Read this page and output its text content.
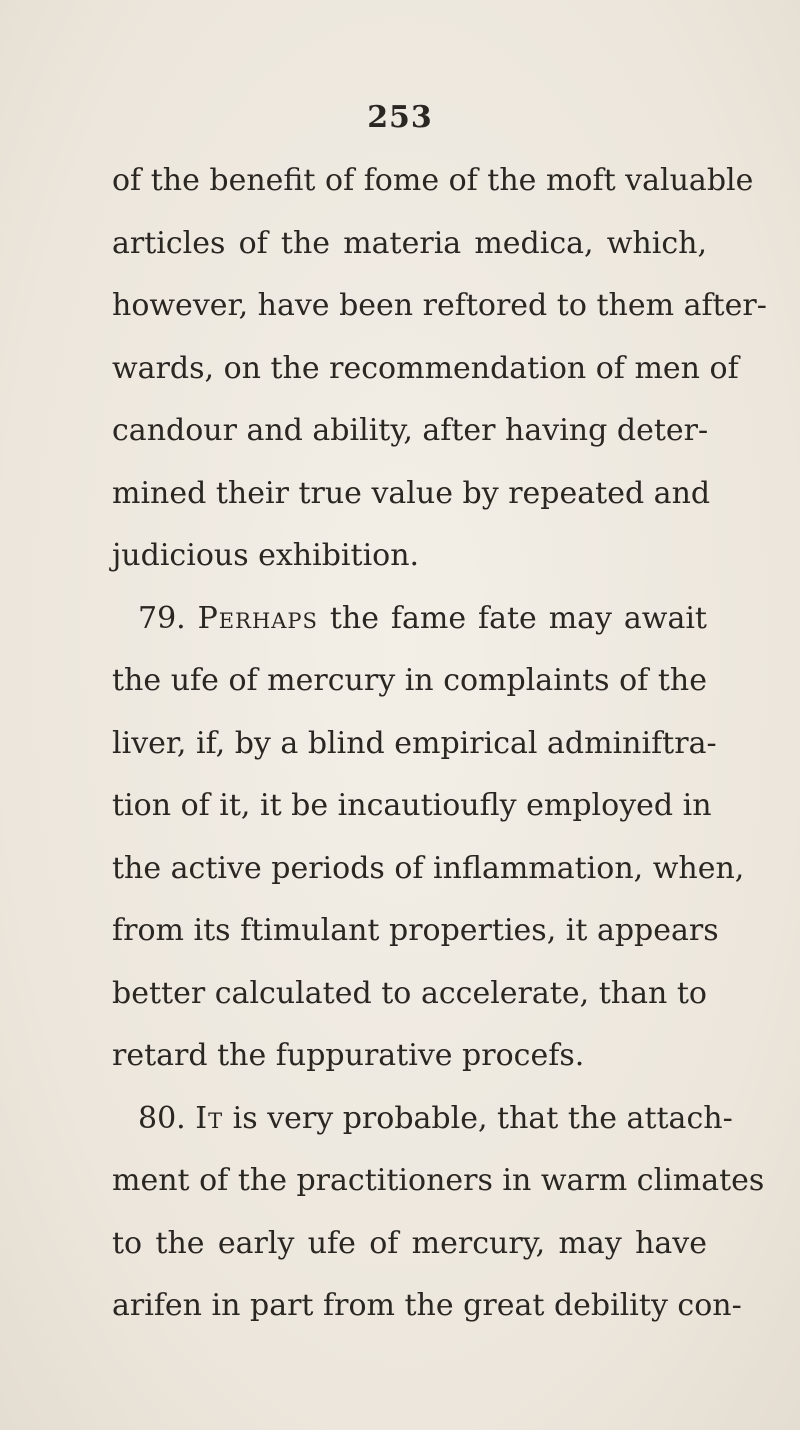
253
of the benefit of fome of the moft valuable
articles of the materia medica, which,
however, have been reftored to them after-
wards, on the recommendation of men of
candour and ability, after having deter-
mined their true value by repeated and
judicious exhibition.
79. Perhaps the fame fate may await
the ufe of mercury in complaints of the
liver, if, by a blind empirical adminiftra-
tion of it, it be incautioufly employed in
the active periods of inflammation, when,
from its ftimulant properties, it appears
better calculated to accelerate, than to
retard the fuppurative procefs.
80. It is very probable, that the attach-
ment of the practitioners in warm climates
to the early ufe of mercury, may have
arifen in part from the great debility con-
